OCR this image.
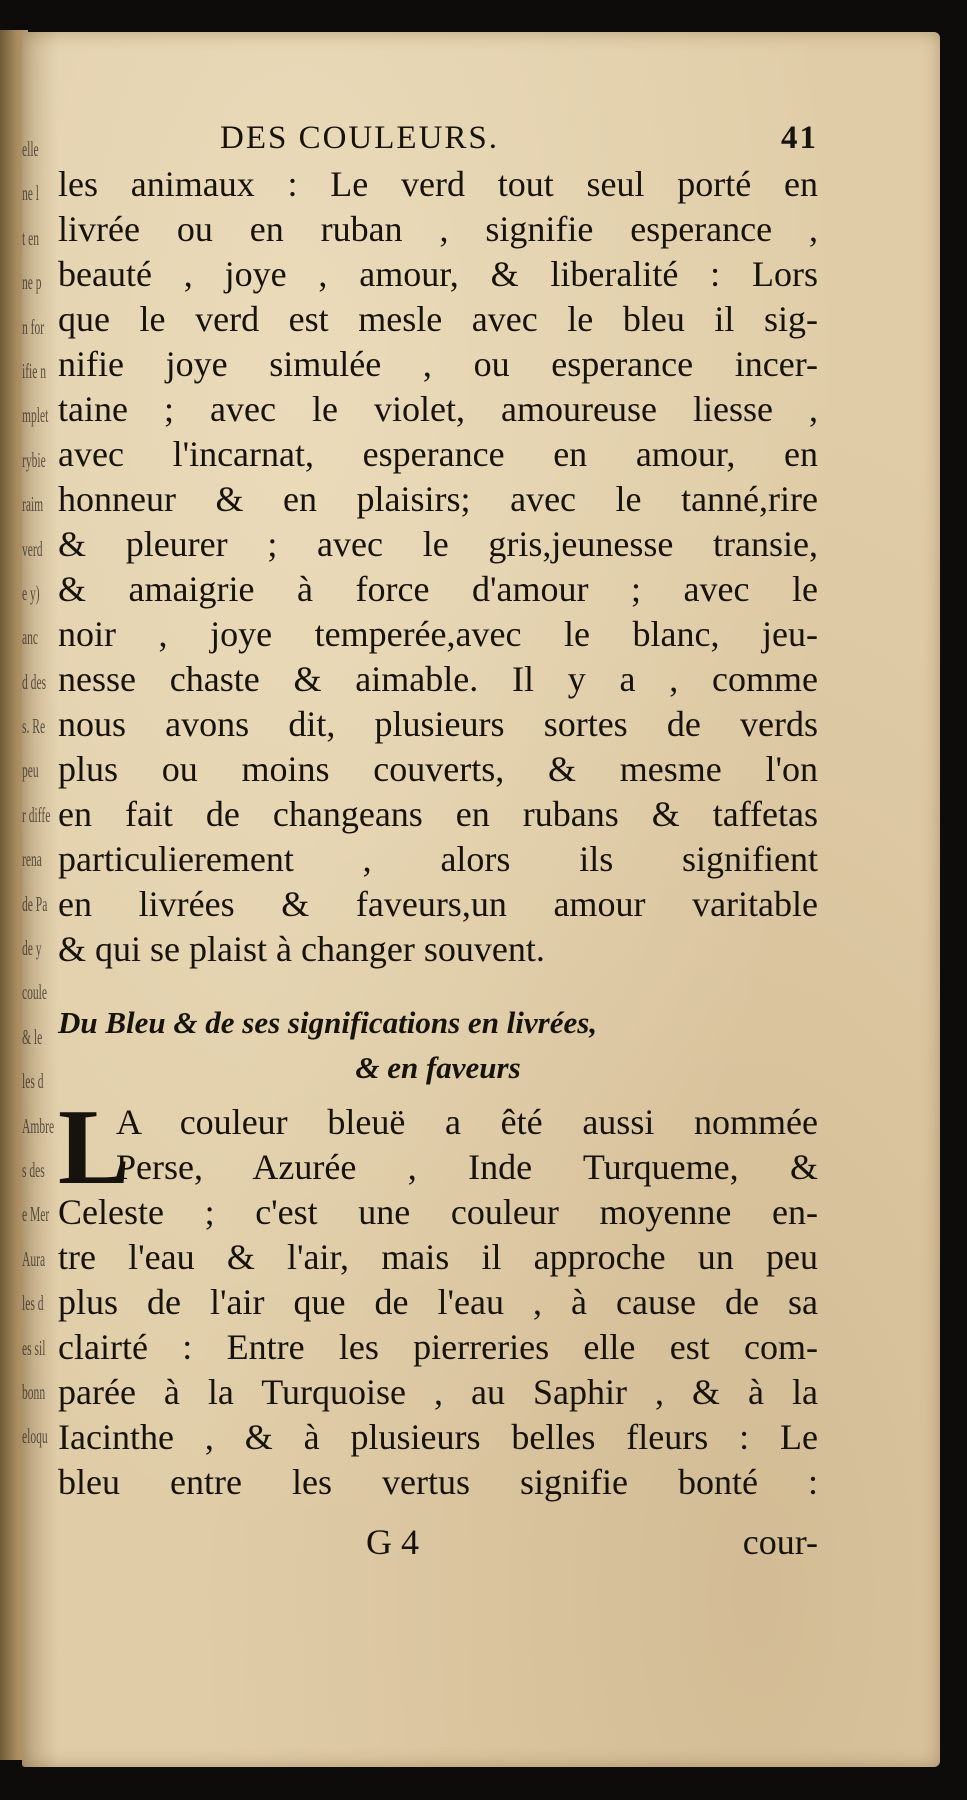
elle
ne l
t en
ne p
n for
ifie n
mplet
rybie
raim
verd
e y)
anc
d des
s. Re
peu
r diffe
rena
de Pa
de y
coule
& le
les d
Ambre
s des
e Mer
Aura
les d
es sil
bonn
eloqu
DES COULEURS.	41
les animaux : Le verd tout seul porté en
livrée ou en ruban , signifie esperance ,
beauté , joye , amour, & liberalité : Lors
que le verd est mesle avec le bleu il sig-
nifie joye simulée , ou esperance incer-
taine ; avec le violet, amoureuse liesse ,
avec l'incarnat, esperance en amour, en
honneur & en plaisirs; avec le tanné,rire
& pleurer ; avec le gris,jeunesse transie,
& amaigrie à force d'amour ; avec le
noir , joye temperée,avec le blanc, jeu-
nesse chaste & aimable. Il y a , comme
nous avons dit, plusieurs sortes de verds
plus ou moins couverts, & mesme l'on
en fait de changeans en rubans & taffetas
particulierement , alors ils signifient
en livrées & faveurs,un amour varitable
& qui se plaist à changer souvent.
Du Bleu & de ses significations en livrées,
& en faveurs
L
A couleur bleuë a êté aussi nommée
Perse, Azurée , Inde Turqueme, &
Celeste ; c'est une couleur moyenne en-
tre l'eau & l'air, mais il approche un peu
plus de l'air que de l'eau , à cause de sa
clairté : Entre les pierreries elle est com-
parée à la Turquoise , au Saphir , & à la
Iacinthe , & à plusieurs belles fleurs : Le
bleu entre les vertus signifie bonté :
G 4	cour-
